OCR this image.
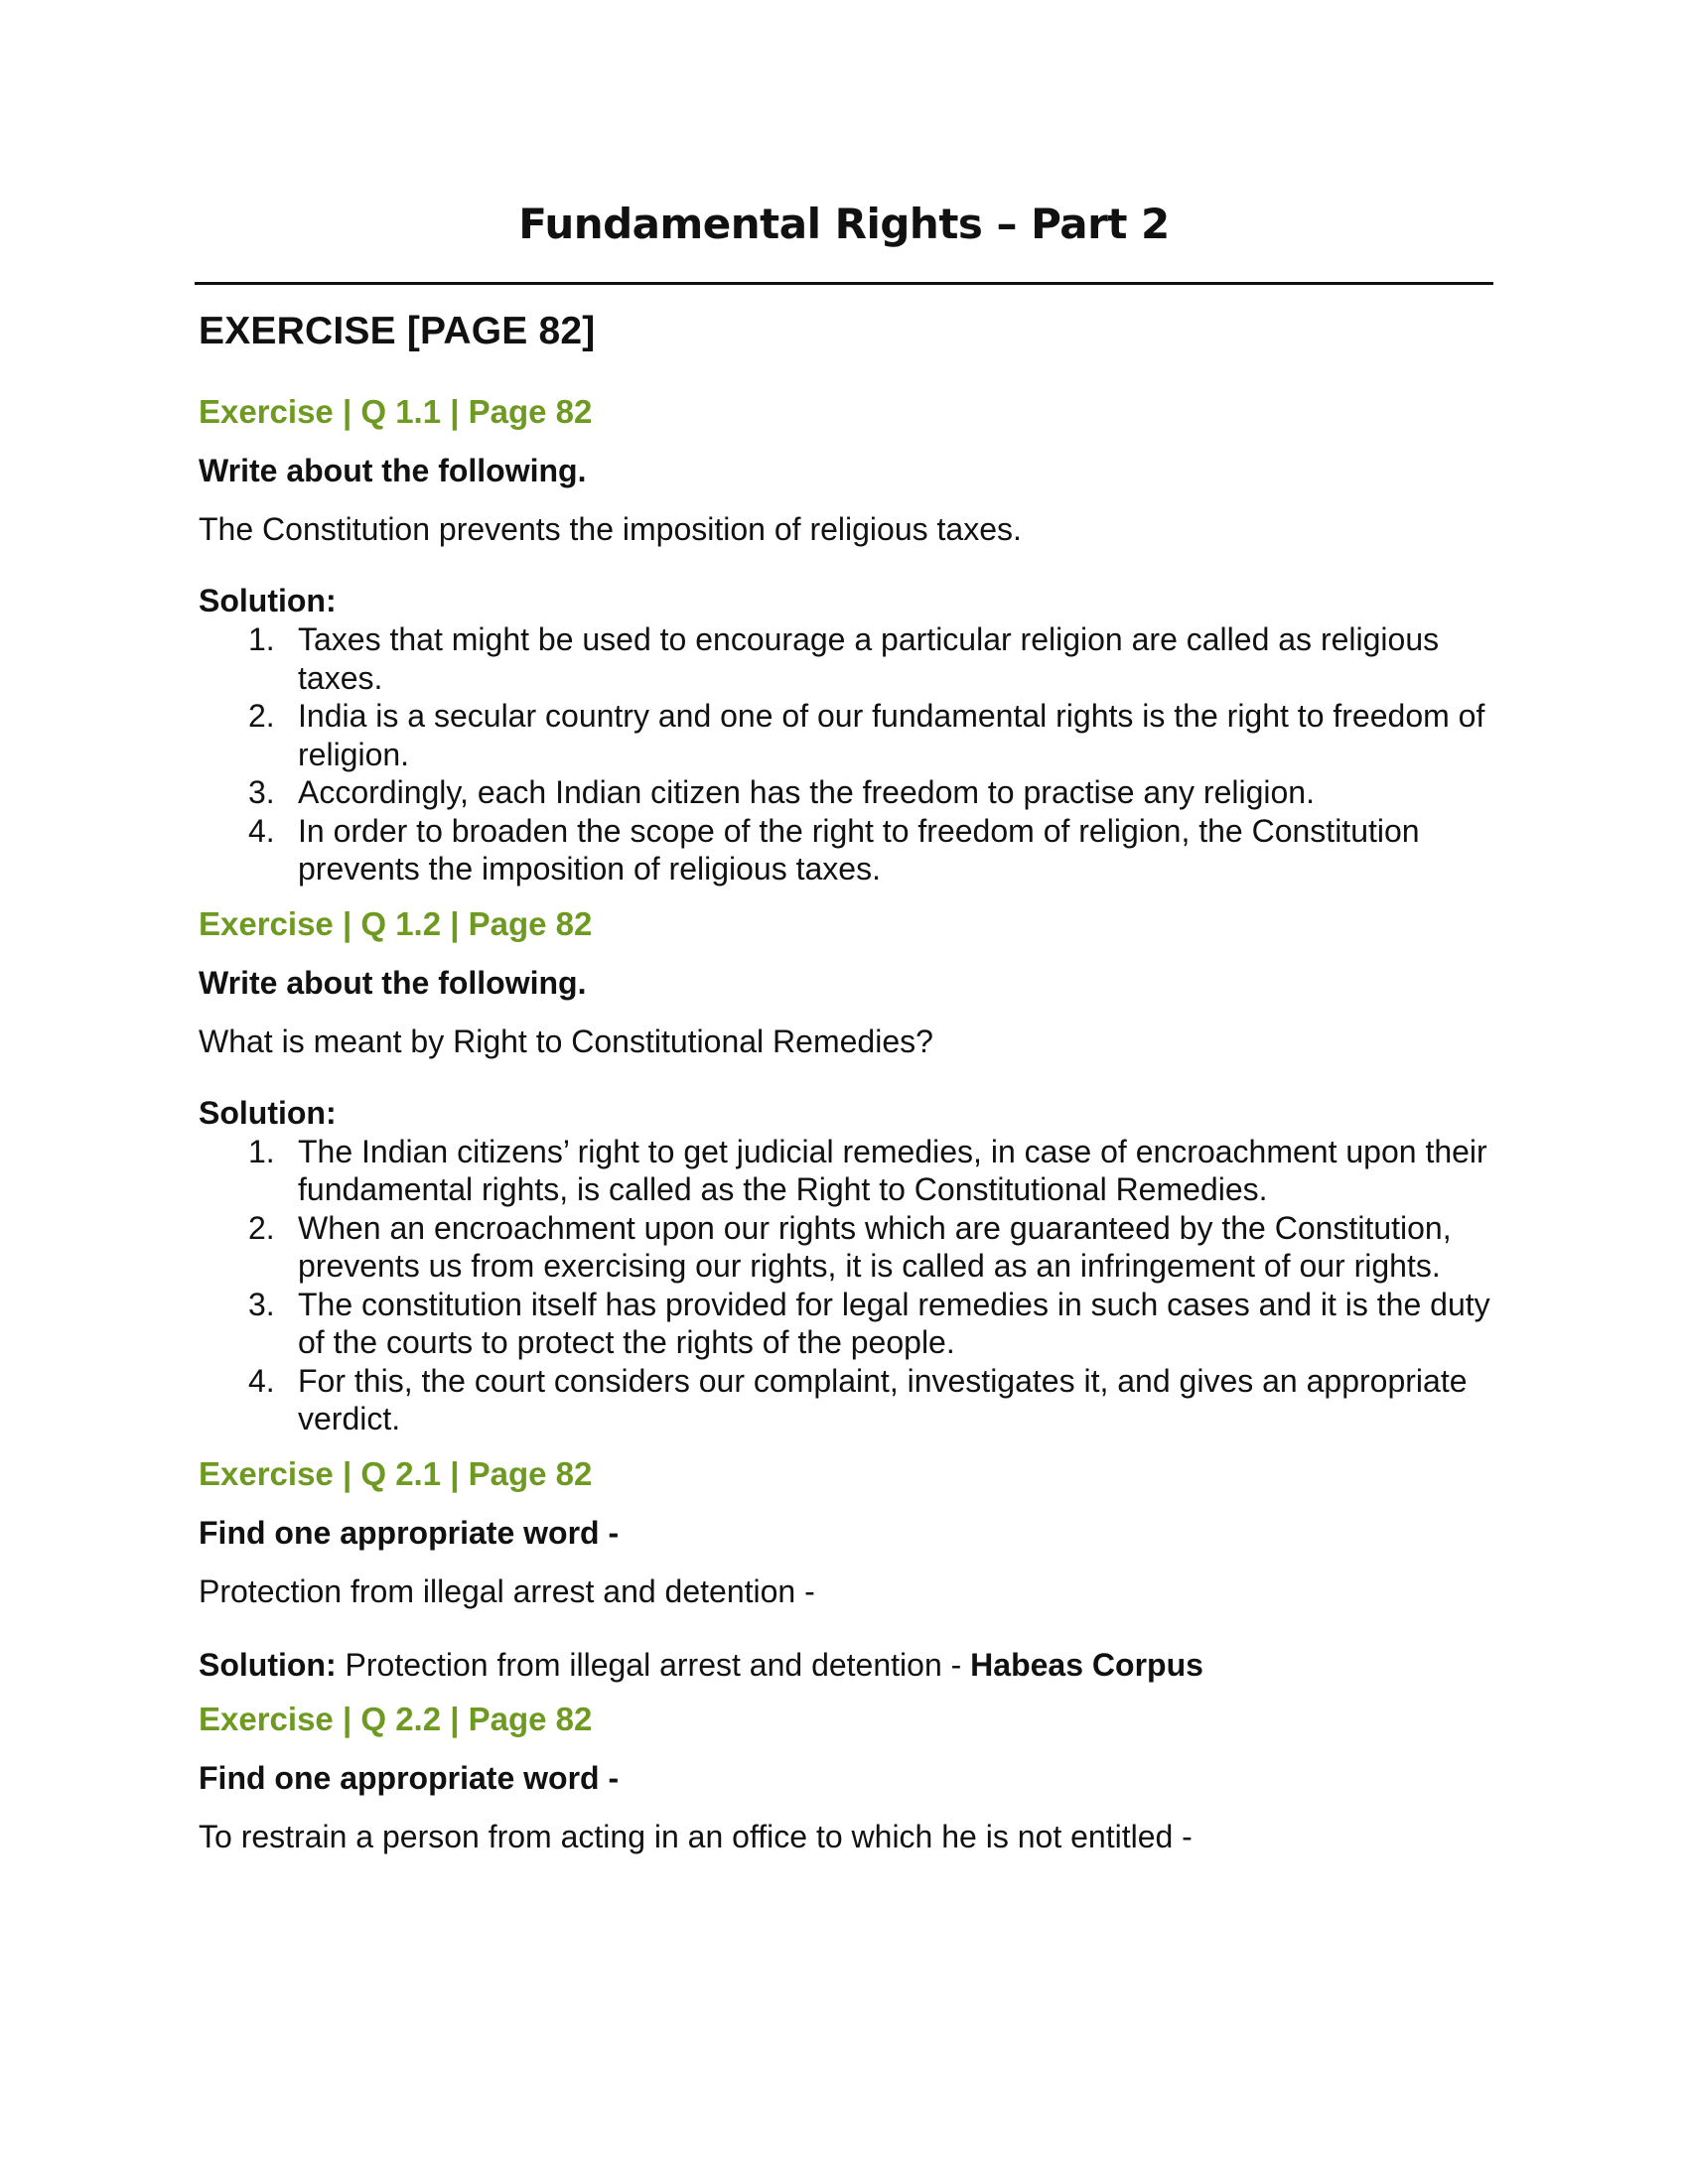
Fundamental Rights – Part 2
EXERCISE [PAGE 82]
Exercise | Q 1.1 | Page 82
Write about the following.
The Constitution prevents the imposition of religious taxes.
Solution:
1. Taxes that might be used to encourage a particular religion are called as religious taxes.
2. India is a secular country and one of our fundamental rights is the right to freedom of religion.
3. Accordingly, each Indian citizen has the freedom to practise any religion.
4. In order to broaden the scope of the right to freedom of religion, the Constitution prevents the imposition of religious taxes.
Exercise | Q 1.2 | Page 82
Write about the following.
What is meant by Right to Constitutional Remedies?
Solution:
1. The Indian citizens’ right to get judicial remedies, in case of encroachment upon their fundamental rights, is called as the Right to Constitutional Remedies.
2. When an encroachment upon our rights which are guaranteed by the Constitution, prevents us from exercising our rights, it is called as an infringement of our rights.
3. The constitution itself has provided for legal remedies in such cases and it is the duty of the courts to protect the rights of the people.
4. For this, the court considers our complaint, investigates it, and gives an appropriate verdict.
Exercise | Q 2.1 | Page 82
Find one appropriate word -
Protection from illegal arrest and detention -
Solution: Protection from illegal arrest and detention - Habeas Corpus
Exercise | Q 2.2 | Page 82
Find one appropriate word -
To restrain a person from acting in an office to which he is not entitled -
